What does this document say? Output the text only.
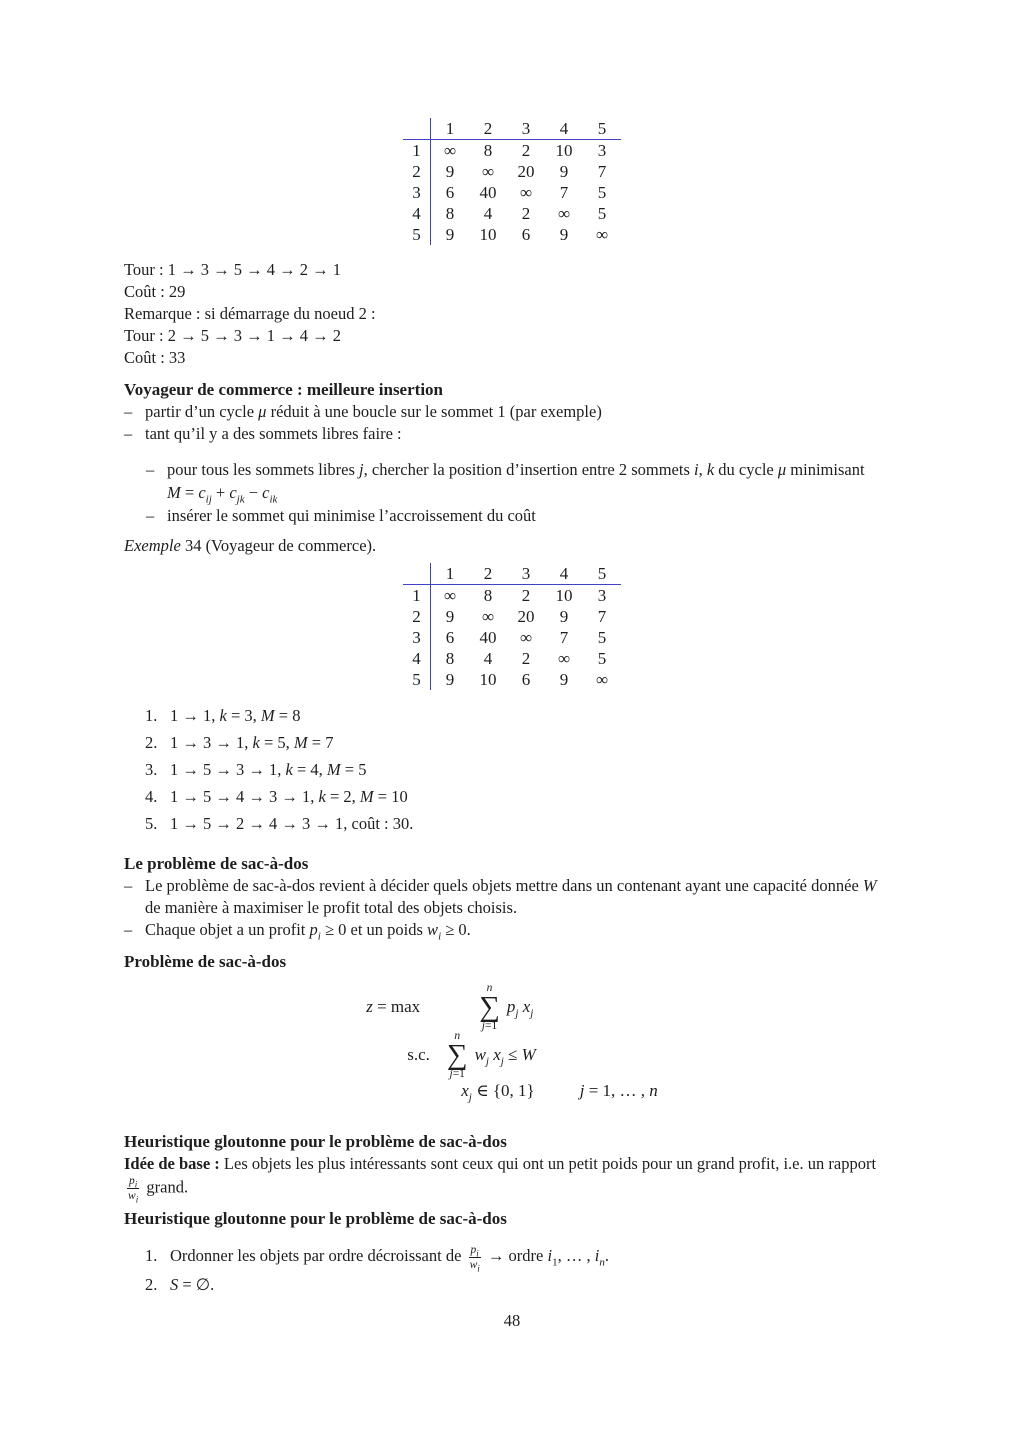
	1	2	3	4	5
1	∞	8	2	10	3
2	9	∞	20	9	7
3	6	40	∞	7	5
4	8	4	2	∞	5
5	9	10	6	9	∞
Tour : 1 → 3 → 5 → 4 → 2 → 1
Coût : 29
Remarque : si démarrage du noeud 2 :
Tour : 2 → 5 → 3 → 1 → 4 → 2
Coût : 33
Voyageur de commerce : meilleure insertion
– partir d’un cycle μ réduit à une boucle sur le sommet 1 (par exemple)
– tant qu’il y a des sommets libres faire :
– pour tous les sommets libres j, chercher la position d’insertion entre 2 sommets i, k du cycle μ minimisant
$M = c_{ij} + c_{jk} - c_{ik}$
– insérer le sommet qui minimise l’accroissement du coût

Exemple 34 (Voyageur de commerce).

	1	2	3	4	5
1	∞	8	2	10	3
2	9	∞	20	9	7
3	6	40	∞	7	5
4	8	4	2	∞	5
5	9	10	6	9	∞
1. 1 → 1, k = 3, M = 8
2. 1 → 3 → 1, k = 5, M = 7
3. 1 → 5 → 3 → 1, k = 4, M = 5
4. 1 → 5 → 4 → 3 → 1, k = 2, M = 10
5. 1 → 5 → 2 → 4 → 3 → 1, coût : 30.
Le problème de sac-à-dos
– Le problème de sac-à-dos revient à décider quels objets mettre dans un contenant ayant une capacité donnée W
de manière à maximiser le profit total des objets choisis.
– Chaque objet a un profit $p_i \ge 0$ et un poids $w_i \ge 0$.
Problème de sac-à-dos
z = max
n
∑
j=1
$p_j$ $x_j$
s.c.
n
∑
j=1
$w_j$ $x_j \le W$
$x_j$ ∈ {0, 1}	j = 1, … , n
Heuristique gloutonne pour le problème de sac-à-dos

Idée de base : Les objets les plus intéressants sont ceux qui ont un petit poids pour un grand profit, i.e. un rapport

$\frac{p_i}{w_i}$ grand.

Heuristique gloutonne pour le problème de sac-à-dos
1. Ordonner les objets par ordre décroissant de $\frac{p_i}{w_i}$ → ordre $i_1$, … , $i_n$.
2. S = ∅.
48
